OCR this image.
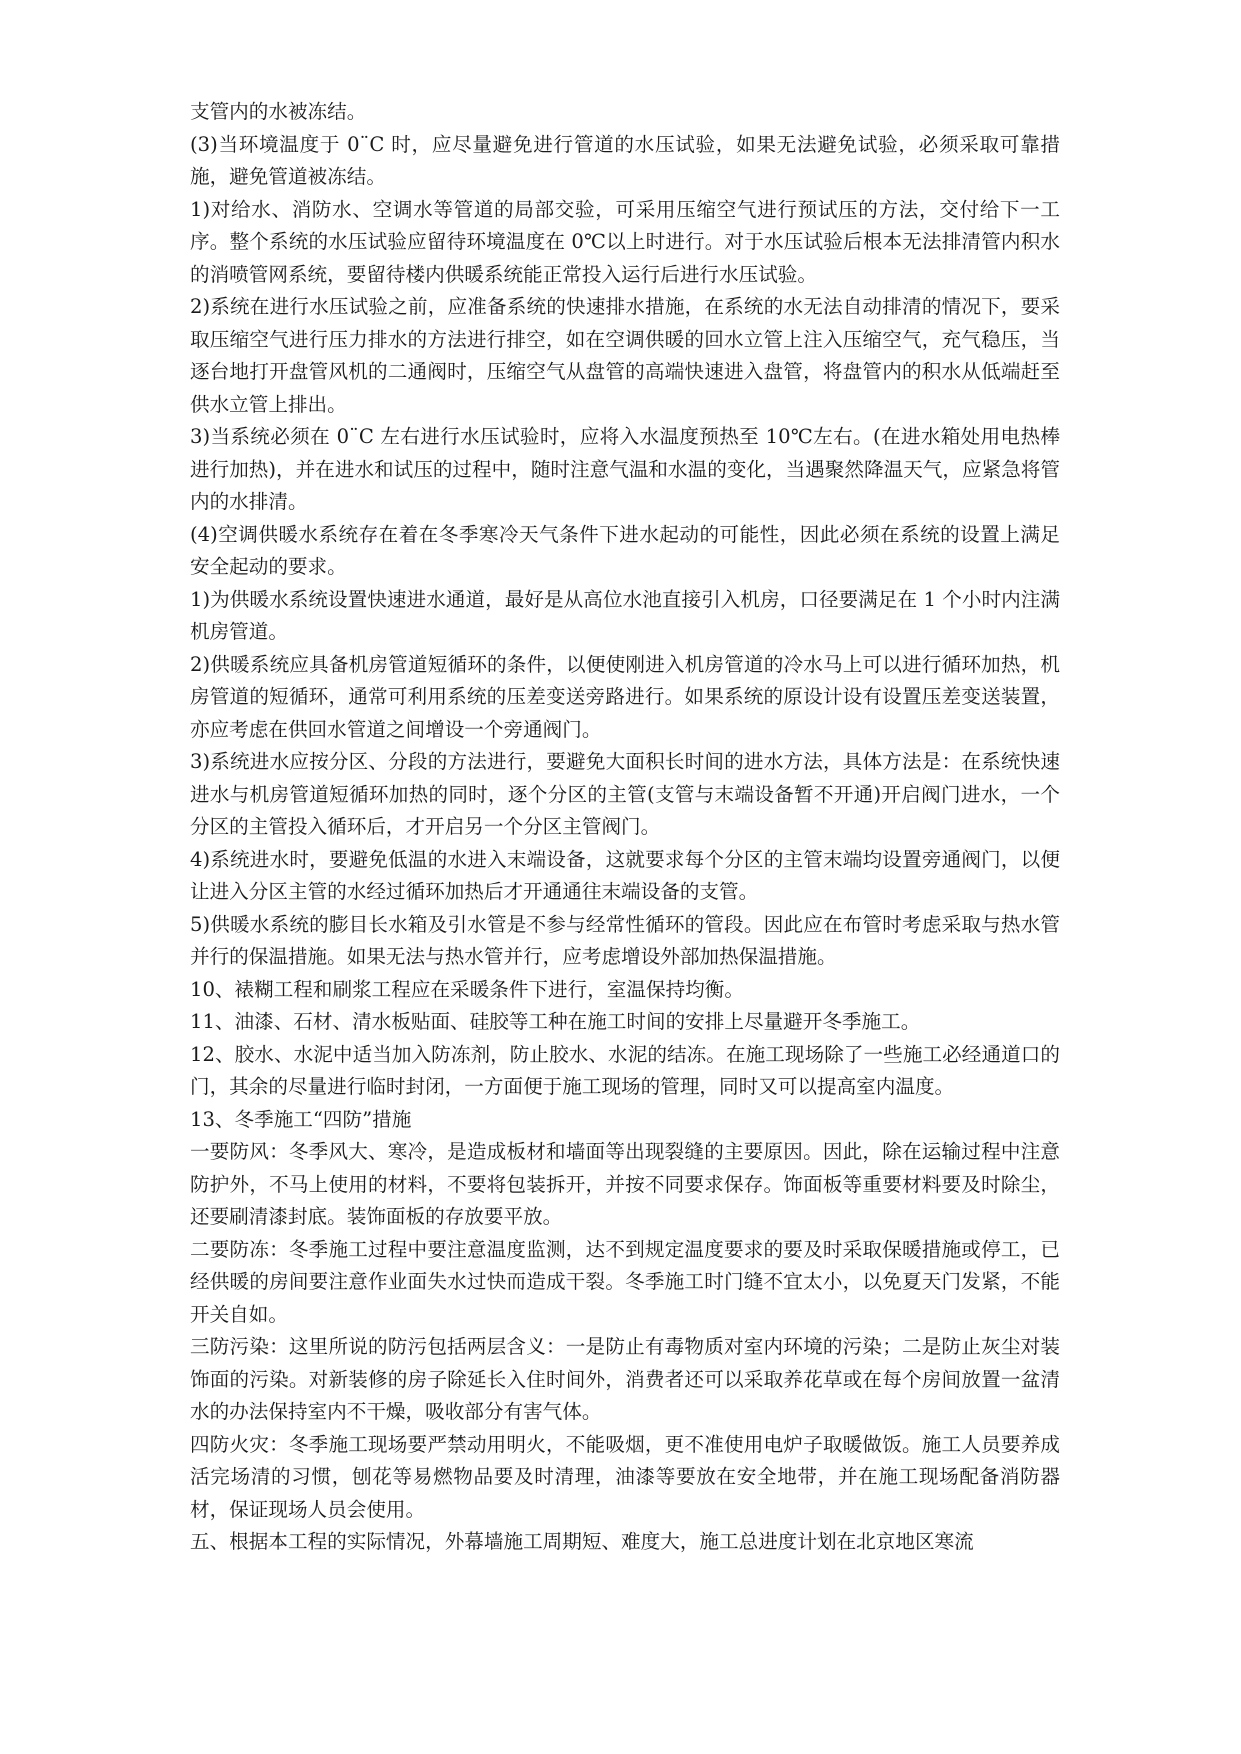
支管内的水被冻结。

(3)当环境温度于 0¨C 时，应尽量避免进行管道的水压试验，如果无法避免试验，必须采取可靠措施，避免管道被冻结。

1)对给水、消防水、空调水等管道的局部交验，可采用压缩空气进行预试压的方法，交付给下一工序。整个系统的水压试验应留待环境温度在 0℃以上时进行。对于水压试验后根本无法排清管内积水的消喷管网系统，要留待楼内供暖系统能正常投入运行后进行水压试验。

2)系统在进行水压试验之前，应准备系统的快速排水措施，在系统的水无法自动排清的情况下，要采取压缩空气进行压力排水的方法进行排空，如在空调供暖的回水立管上注入压缩空气，充气稳压，当逐台地打开盘管风机的二通阀时，压缩空气从盘管的高端快速进入盘管，将盘管内的积水从低端赶至供水立管上排出。

3)当系统必须在 0¨C 左右进行水压试验时，应将入水温度预热至 10℃左右。(在进水箱处用电热棒进行加热)，并在进水和试压的过程中，随时注意气温和水温的变化，当遇聚然降温天气，应紧急将管内的水排清。

(4)空调供暖水系统存在着在冬季寒冷天气条件下进水起动的可能性，因此必须在系统的设置上满足安全起动的要求。

1)为供暖水系统设置快速进水通道，最好是从高位水池直接引入机房，口径要满足在 1 个小时内注满机房管道。

2)供暖系统应具备机房管道短循环的条件，以便使刚进入机房管道的冷水马上可以进行循环加热，机房管道的短循环，通常可利用系统的压差变送旁路进行。如果系统的原设计设有设置压差变送装置，亦应考虑在供回水管道之间增设一个旁通阀门。

3)系统进水应按分区、分段的方法进行，要避免大面积长时间的进水方法，具体方法是：在系统快速进水与机房管道短循环加热的同时，逐个分区的主管(支管与末端设备暂不开通)开启阀门进水，一个分区的主管投入循环后，才开启另一个分区主管阀门。

4)系统进水时，要避免低温的水进入末端设备，这就要求每个分区的主管末端均设置旁通阀门，以便让进入分区主管的水经过循环加热后才开通通往末端设备的支管。

5)供暖水系统的膨目长水箱及引水管是不参与经常性循环的管段。因此应在布管时考虑采取与热水管并行的保温措施。如果无法与热水管并行，应考虑增设外部加热保温措施。

10、裱糊工程和刷浆工程应在采暖条件下进行，室温保持均衡。

11、油漆、石材、清水板贴面、硅胶等工种在施工时间的安排上尽量避开冬季施工。

12、胶水、水泥中适当加入防冻剂，防止胶水、水泥的结冻。在施工现场除了一些施工必经通道口的门，其余的尽量进行临时封闭，一方面便于施工现场的管理，同时又可以提高室内温度。

13、冬季施工“四防”措施

一要防风：冬季风大、寒冷，是造成板材和墙面等出现裂缝的主要原因。因此，除在运输过程中注意防护外，不马上使用的材料，不要将包装拆开，并按不同要求保存。饰面板等重要材料要及时除尘，还要刷清漆封底。装饰面板的存放要平放。

二要防冻：冬季施工过程中要注意温度监测，达不到规定温度要求的要及时采取保暖措施或停工，已经供暖的房间要注意作业面失水过快而造成干裂。冬季施工时门缝不宜太小，以免夏天门发紧，不能开关自如。

三防污染：这里所说的防污包括两层含义：一是防止有毒物质对室内环境的污染；二是防止灰尘对装饰面的污染。对新装修的房子除延长入住时间外，消费者还可以采取养花草或在每个房间放置一盆清水的办法保持室内不干燥，吸收部分有害气体。

四防火灾：冬季施工现场要严禁动用明火，不能吸烟，更不准使用电炉子取暖做饭。施工人员要养成活完场清的习惯，刨花等易燃物品要及时清理，油漆等要放在安全地带，并在施工现场配备消防器材，保证现场人员会使用。

五、根据本工程的实际情况，外幕墙施工周期短、难度大，施工总进度计划在北京地区寒流
